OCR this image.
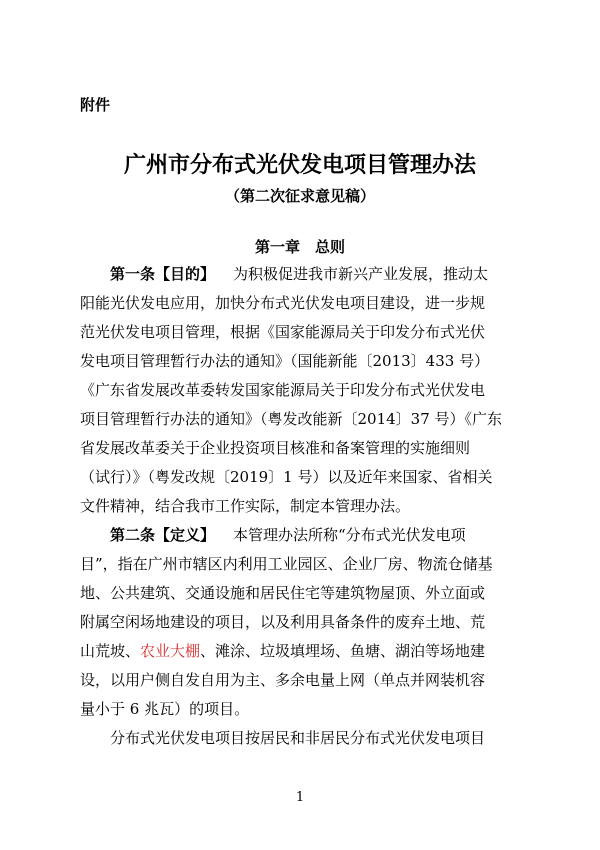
附件
广州市分布式光伏发电项目管理办法
（第二次征求意见稿）
第一章　总则
第一条【目的】 为积极促进我市新兴产业发展，推动太
阳能光伏发电应用，加快分布式光伏发电项目建设，进一步规
范光伏发电项目管理，根据《国家能源局关于印发分布式光伏
发电项目管理暂行办法的通知》（国能新能〔2013〕433 号）
《广东省发展改革委转发国家能源局关于印发分布式光伏发电
项目管理暂行办法的通知》（粤发改能新〔2014〕37 号）《广东
省发展改革委关于企业投资项目核准和备案管理的实施细则
（试行）》（粤发改规〔2019〕1 号）以及近年来国家、省相关
文件精神，结合我市工作实际，制定本管理办法。
第二条【定义】 本管理办法所称“分布式光伏发电项
目”，指在广州市辖区内利用工业园区、企业厂房、物流仓储基
地、公共建筑、交通设施和居民住宅等建筑物屋顶、外立面或
附属空闲场地建设的项目，以及利用具备条件的废弃土地、荒
山荒坡、农业大棚、滩涂、垃圾填埋场、鱼塘、湖泊等场地建
设，以用户侧自发自用为主、多余电量上网（单点并网装机容
量小于 6 兆瓦）的项目。
分布式光伏发电项目按居民和非居民分布式光伏发电项目
1
